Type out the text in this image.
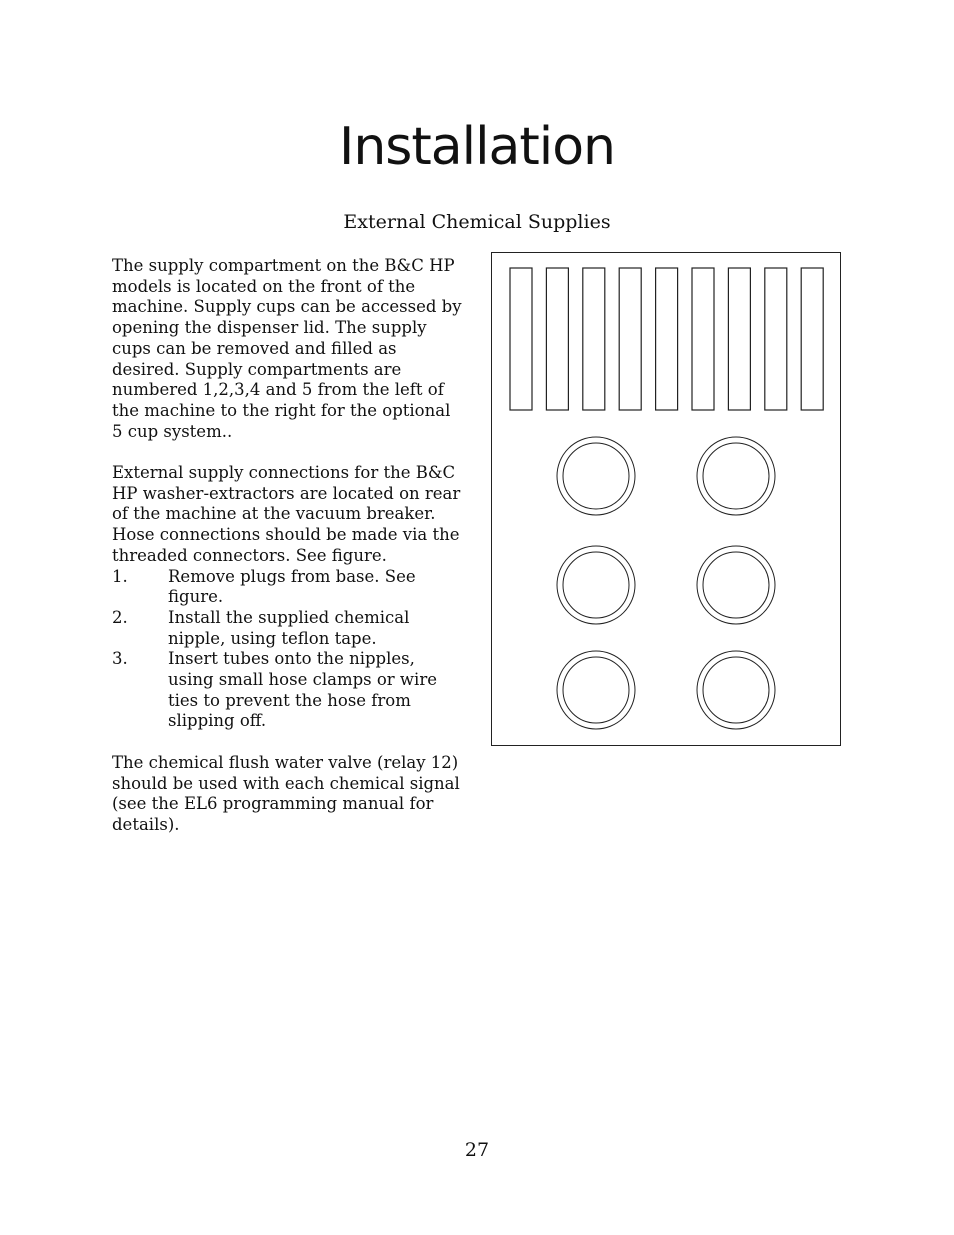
Installation
External Chemical Supplies

The supply compartment on the B&C HP models is located on the front of the machine. Supply cups can be accessed by opening the dispenser lid. The supply cups can be removed and filled as desired. Supply compartments are numbered 1,2,3,4 and 5 from the left of the machine to the right for the optional 5 cup system..

External supply connections for the B&C HP washer-extractors are located on rear of the machine at the vacuum breaker. Hose connections should be made via the threaded connectors. See figure.

1.	Remove plugs from base. See figure.
2.	Install the supplied chemical nipple, using teflon tape.
3.	Insert tubes onto the nipples, using small hose clamps or wire ties to prevent the hose from slipping off.

The chemical flush water valve (relay 12) should be used with each chemical signal (see the EL6 programming manual for details).

27
